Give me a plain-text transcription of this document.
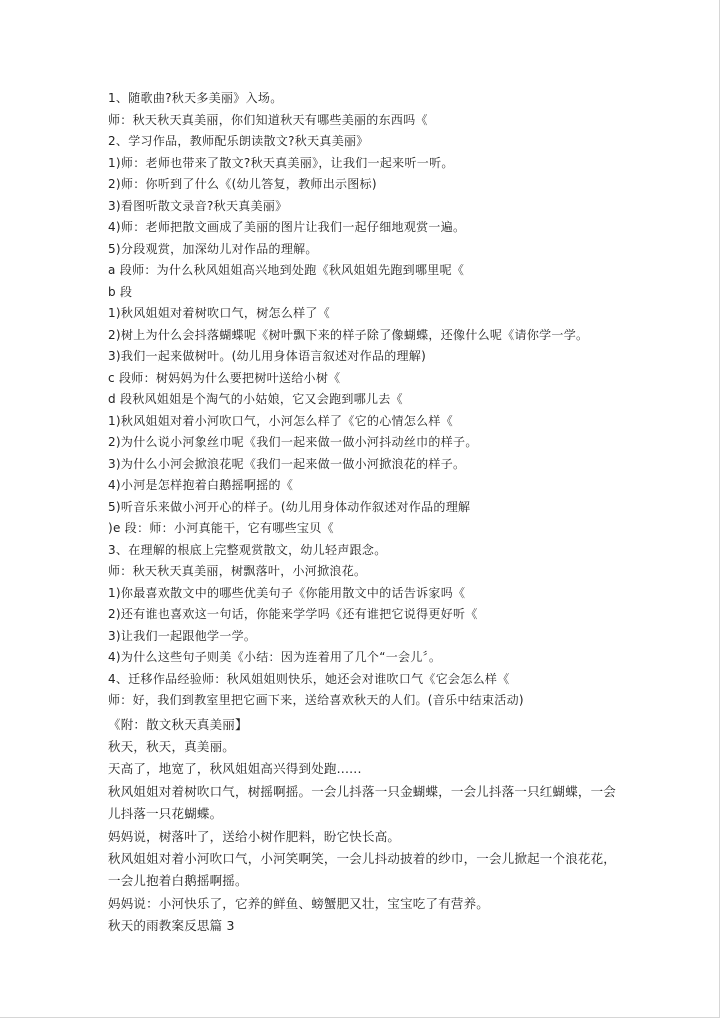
1、随歌曲?秋天多美丽》入场。
师：秋天秋天真美丽，你们知道秋天有哪些美丽的东西吗《
2、学习作品，教师配乐朗读散文?秋天真美丽》
1)师：老师也带来了散文?秋天真美丽》，让我们一起来听一听。
2)师：你听到了什么《(幼儿答复，教师出示图标)
3)看图听散文录音?秋天真美丽》
4)师：老师把散文画成了美丽的图片让我们一起仔细地观赏一遍。
5)分段观赏，加深幼儿对作品的理解。
a 段师：为什么秋风姐姐高兴地到处跑《秋风姐姐先跑到哪里呢《
b 段
1)秋风姐姐对着树吹口气，树怎么样了《
2)树上为什么会抖落蝴蝶呢《树叶飘下来的样子除了像蝴蝶，还像什么呢《请你学一学。
3)我们一起来做树叶。(幼儿用身体语言叙述对作品的理解)
c 段师：树妈妈为什么要把树叶送给小树《
d 段秋风姐姐是个淘气的小姑娘，它又会跑到哪儿去《
1)秋风姐姐对着小河吹口气，小河怎么样了《它的心情怎么样《
2)为什么说小河象丝巾呢《我们一起来做一做小河抖动丝巾的样子。
3)为什么小河会掀浪花呢《我们一起来做一做小河掀浪花的样子。
4)小河是怎样抱着白鹅摇啊摇的《
5)听音乐来做小河开心的样子。(幼儿用身体动作叙述对作品的理解
)e 段：师：小河真能干，它有哪些宝贝《
3、在理解的根底上完整观赏散文，幼儿轻声跟念。
师：秋天秋天真美丽，树飘落叶，小河掀浪花。
1)你最喜欢散文中的哪些优美句子《你能用散文中的话告诉家吗《
2)还有谁也喜欢这一句话，你能来学学吗《还有谁把它说得更好听《
3)让我们一起跟他学一学。
4)为什么这些句子则美《小结：因为连着用了几个“一会儿〞。
4、迁移作品经验师：秋风姐姐则快乐，她还会对谁吹口气《它会怎么样《
师：好，我们到教室里把它画下来，送给喜欢秋天的人们。(音乐中结束活动)
《附：散文秋天真美丽】
秋天，秋天，真美丽。
天高了，地宽了，秋风姐姐高兴得到处跑......
秋风姐姐对着树吹口气，树摇啊摇。一会儿抖落一只金蝴蝶，一会儿抖落一只红蝴蝶，一会儿抖落一只花蝴蝶。
妈妈说，树落叶了，送给小树作肥料，盼它快长高。
秋风姐姐对着小河吹口气，小河笑啊笑，一会儿抖动披着的纱巾，一会儿掀起一个浪花花，一会儿抱着白鹅摇啊摇。
妈妈说：小河快乐了，它养的鲜鱼、螃蟹肥又壮，宝宝吃了有营养。
秋天的雨教案反思篇 3
